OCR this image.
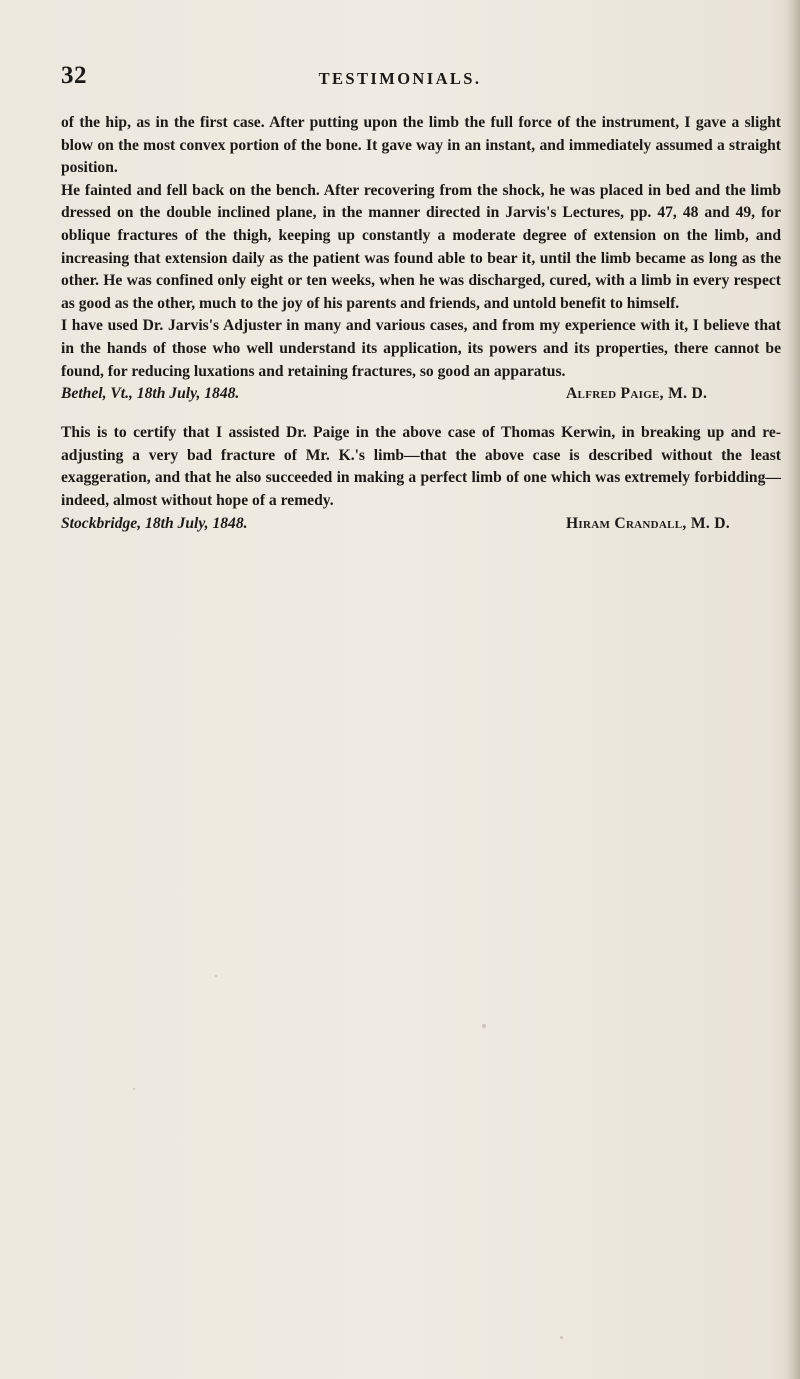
32	TESTIMONIALS.

of the hip, as in the first case. After putting upon the limb the full force of the instrument, I gave a slight blow on the most convex portion of the bone. It gave way in an instant, and immediately assumed a straight position.

He fainted and fell back on the bench. After recovering from the shock, he was placed in bed and the limb dressed on the double inclined plane, in the manner directed in Jarvis's Lectures, pp. 47, 48 and 49, for oblique fractures of the thigh, keeping up constantly a moderate degree of extension on the limb, and increasing that extension daily as the patient was found able to bear it, until the limb became as long as the other. He was confined only eight or ten weeks, when he was discharged, cured, with a limb in every respect as good as the other, much to the joy of his parents and friends, and untold benefit to himself.

I have used Dr. Jarvis's Adjuster in many and various cases, and from my experience with it, I believe that in the hands of those who well understand its application, its powers and its properties, there cannot be found, for reducing luxations and retaining fractures, so good an apparatus.

Bethel, Vt., 18th July, 1848.	Alfred Paige, M. D.

This is to certify that I assisted Dr. Paige in the above case of Thomas Kerwin, in breaking up and re-adjusting a very bad fracture of Mr. K.'s limb—that the above case is described without the least exaggeration, and that he also succeeded in making a perfect limb of one which was extremely forbidding—indeed, almost without hope of a remedy.

Stockbridge, 18th July, 1848.	Hiram Crandall, M. D.
